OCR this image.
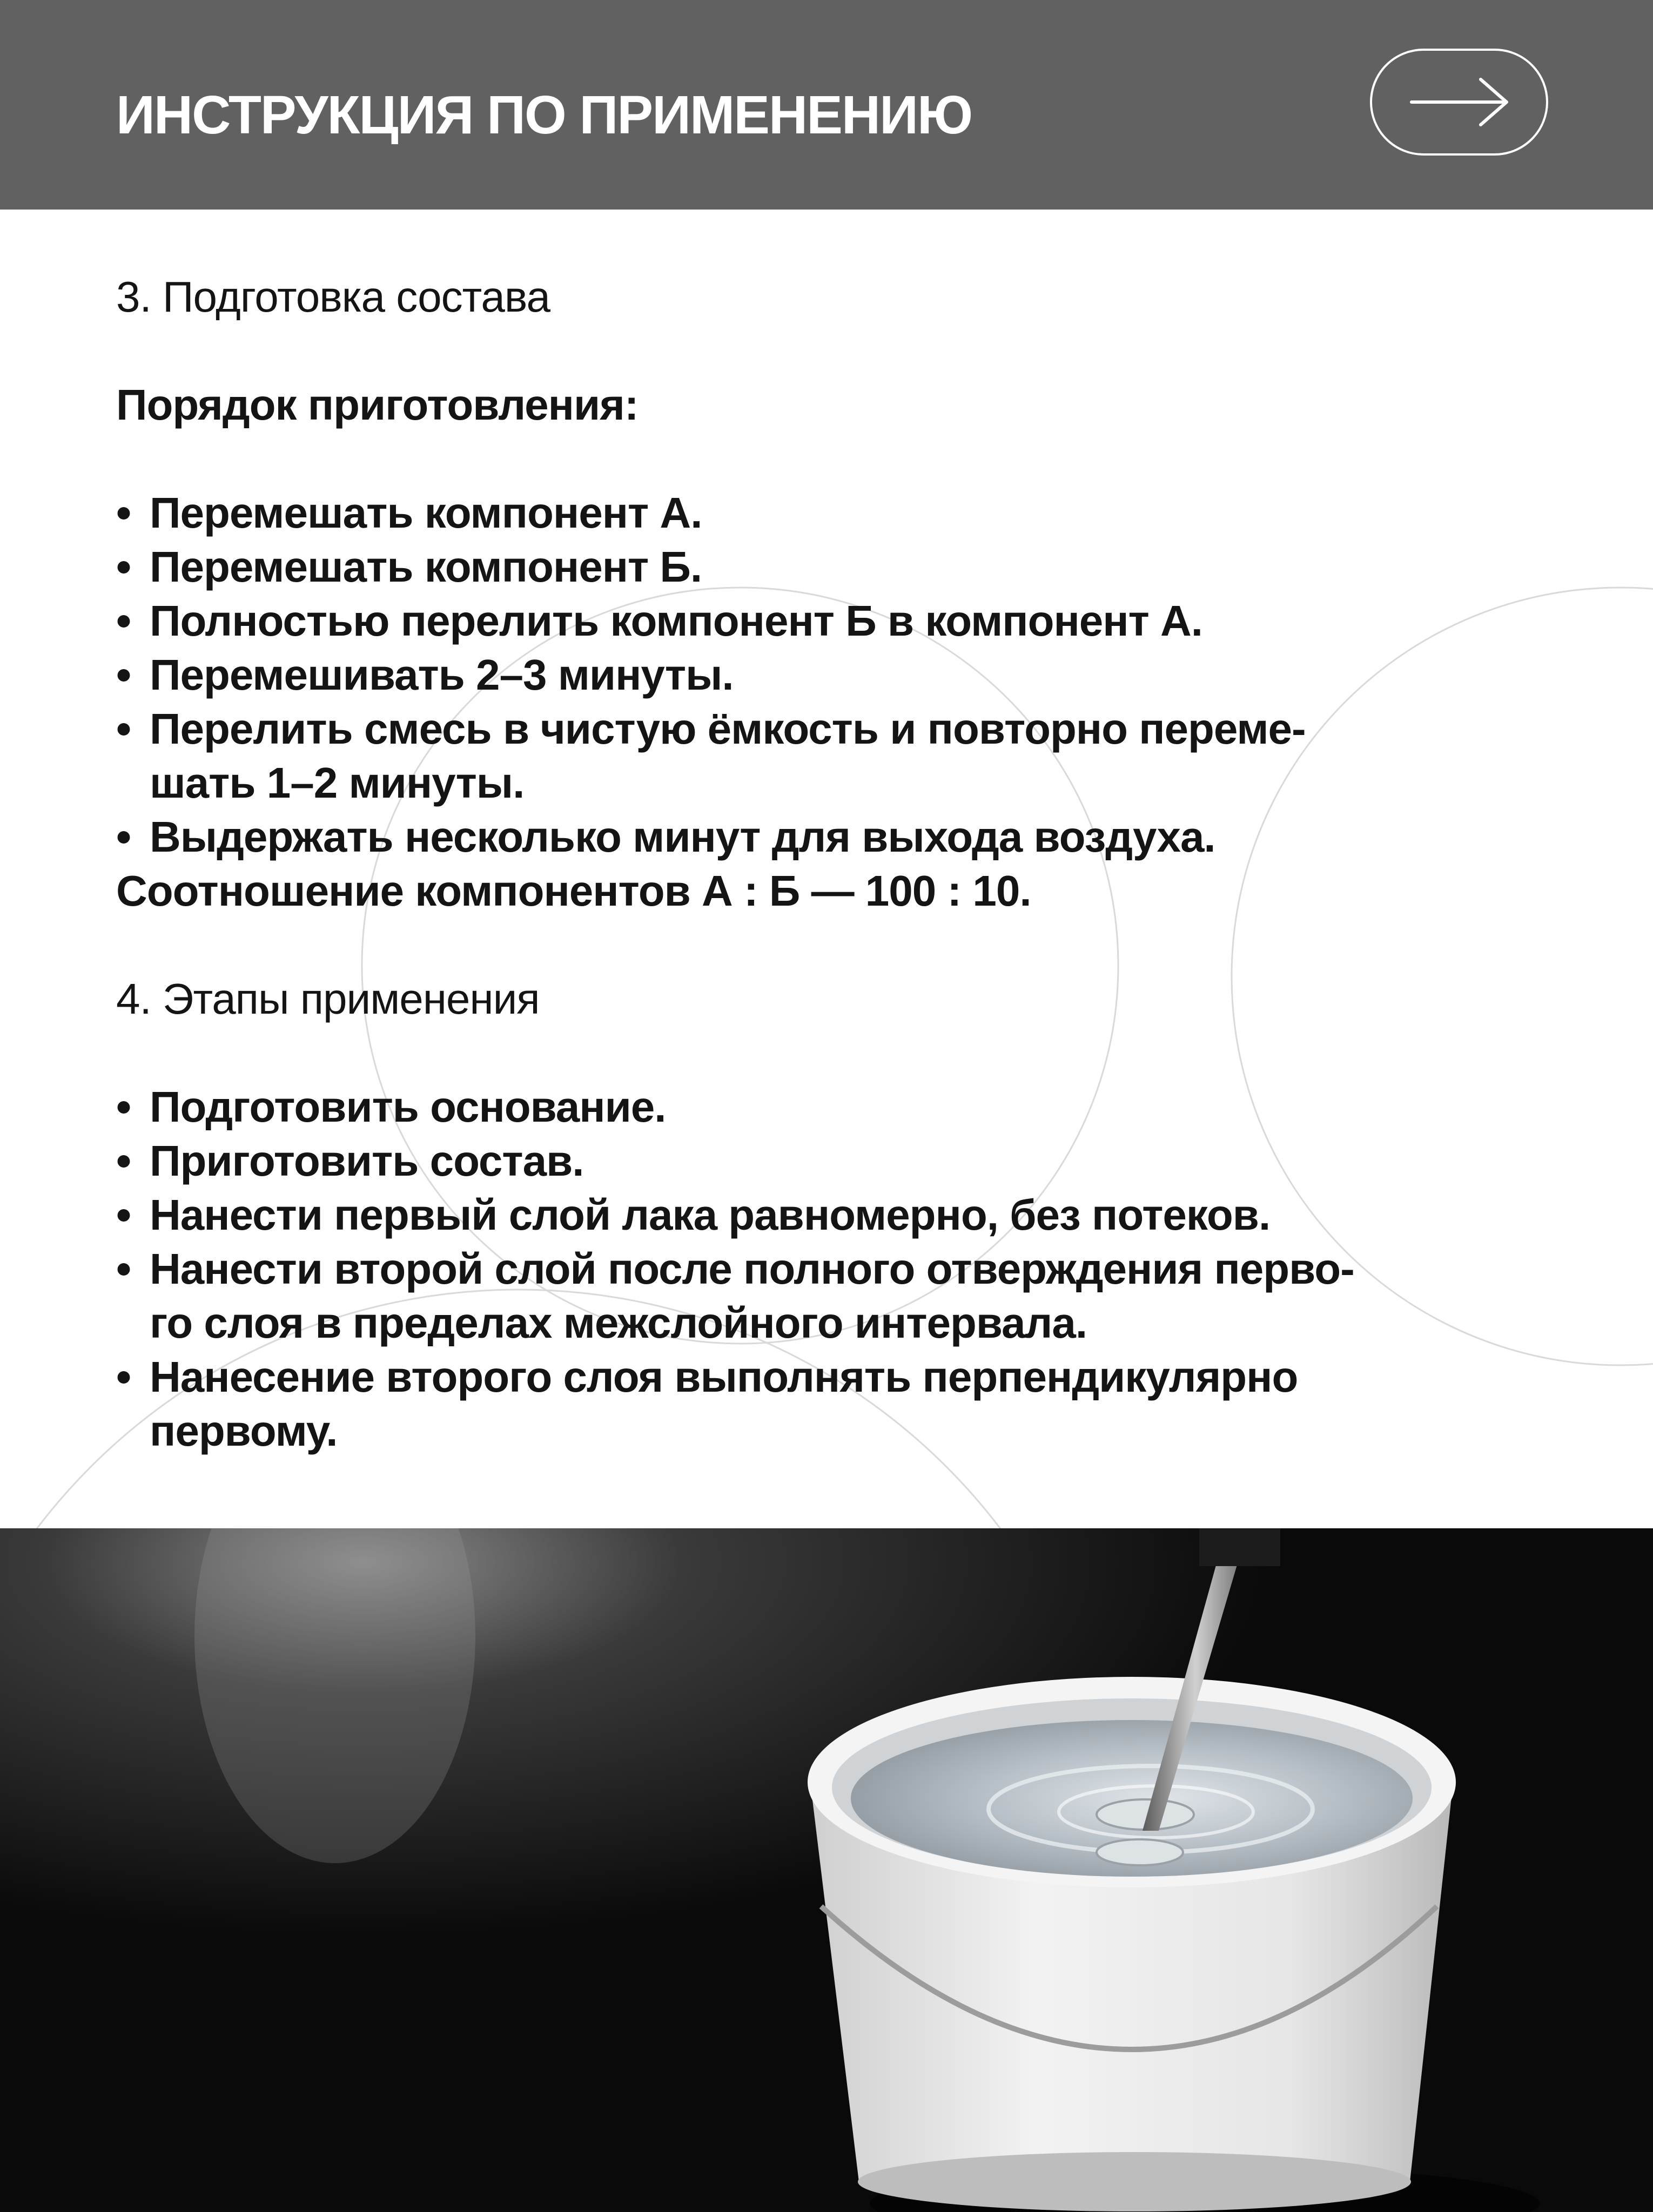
ИНСТРУКЦИЯ ПО ПРИМЕНЕНИЮ
3. Подготовка состава
Порядок приготовления:
• Перемешать компонент А.
• Перемешать компонент Б.
• Полностью перелить компонент Б в компонент А.
• Перемешивать 2–3 минуты.
• Перелить смесь в чистую ёмкость и повторно переме-
шать 1–2 минуты.
• Выдержать несколько минут для выхода воздуха.
Соотношение компонентов А : Б — 100 : 10.
4. Этапы применения
• Подготовить основание.
• Приготовить состав.
• Нанести первый слой лака равномерно, без потеков.
• Нанести второй слой после полного отверждения перво-
го слоя в пределах межслойного интервала.
• Нанесение второго слоя выполнять перпендикулярно
первому.
